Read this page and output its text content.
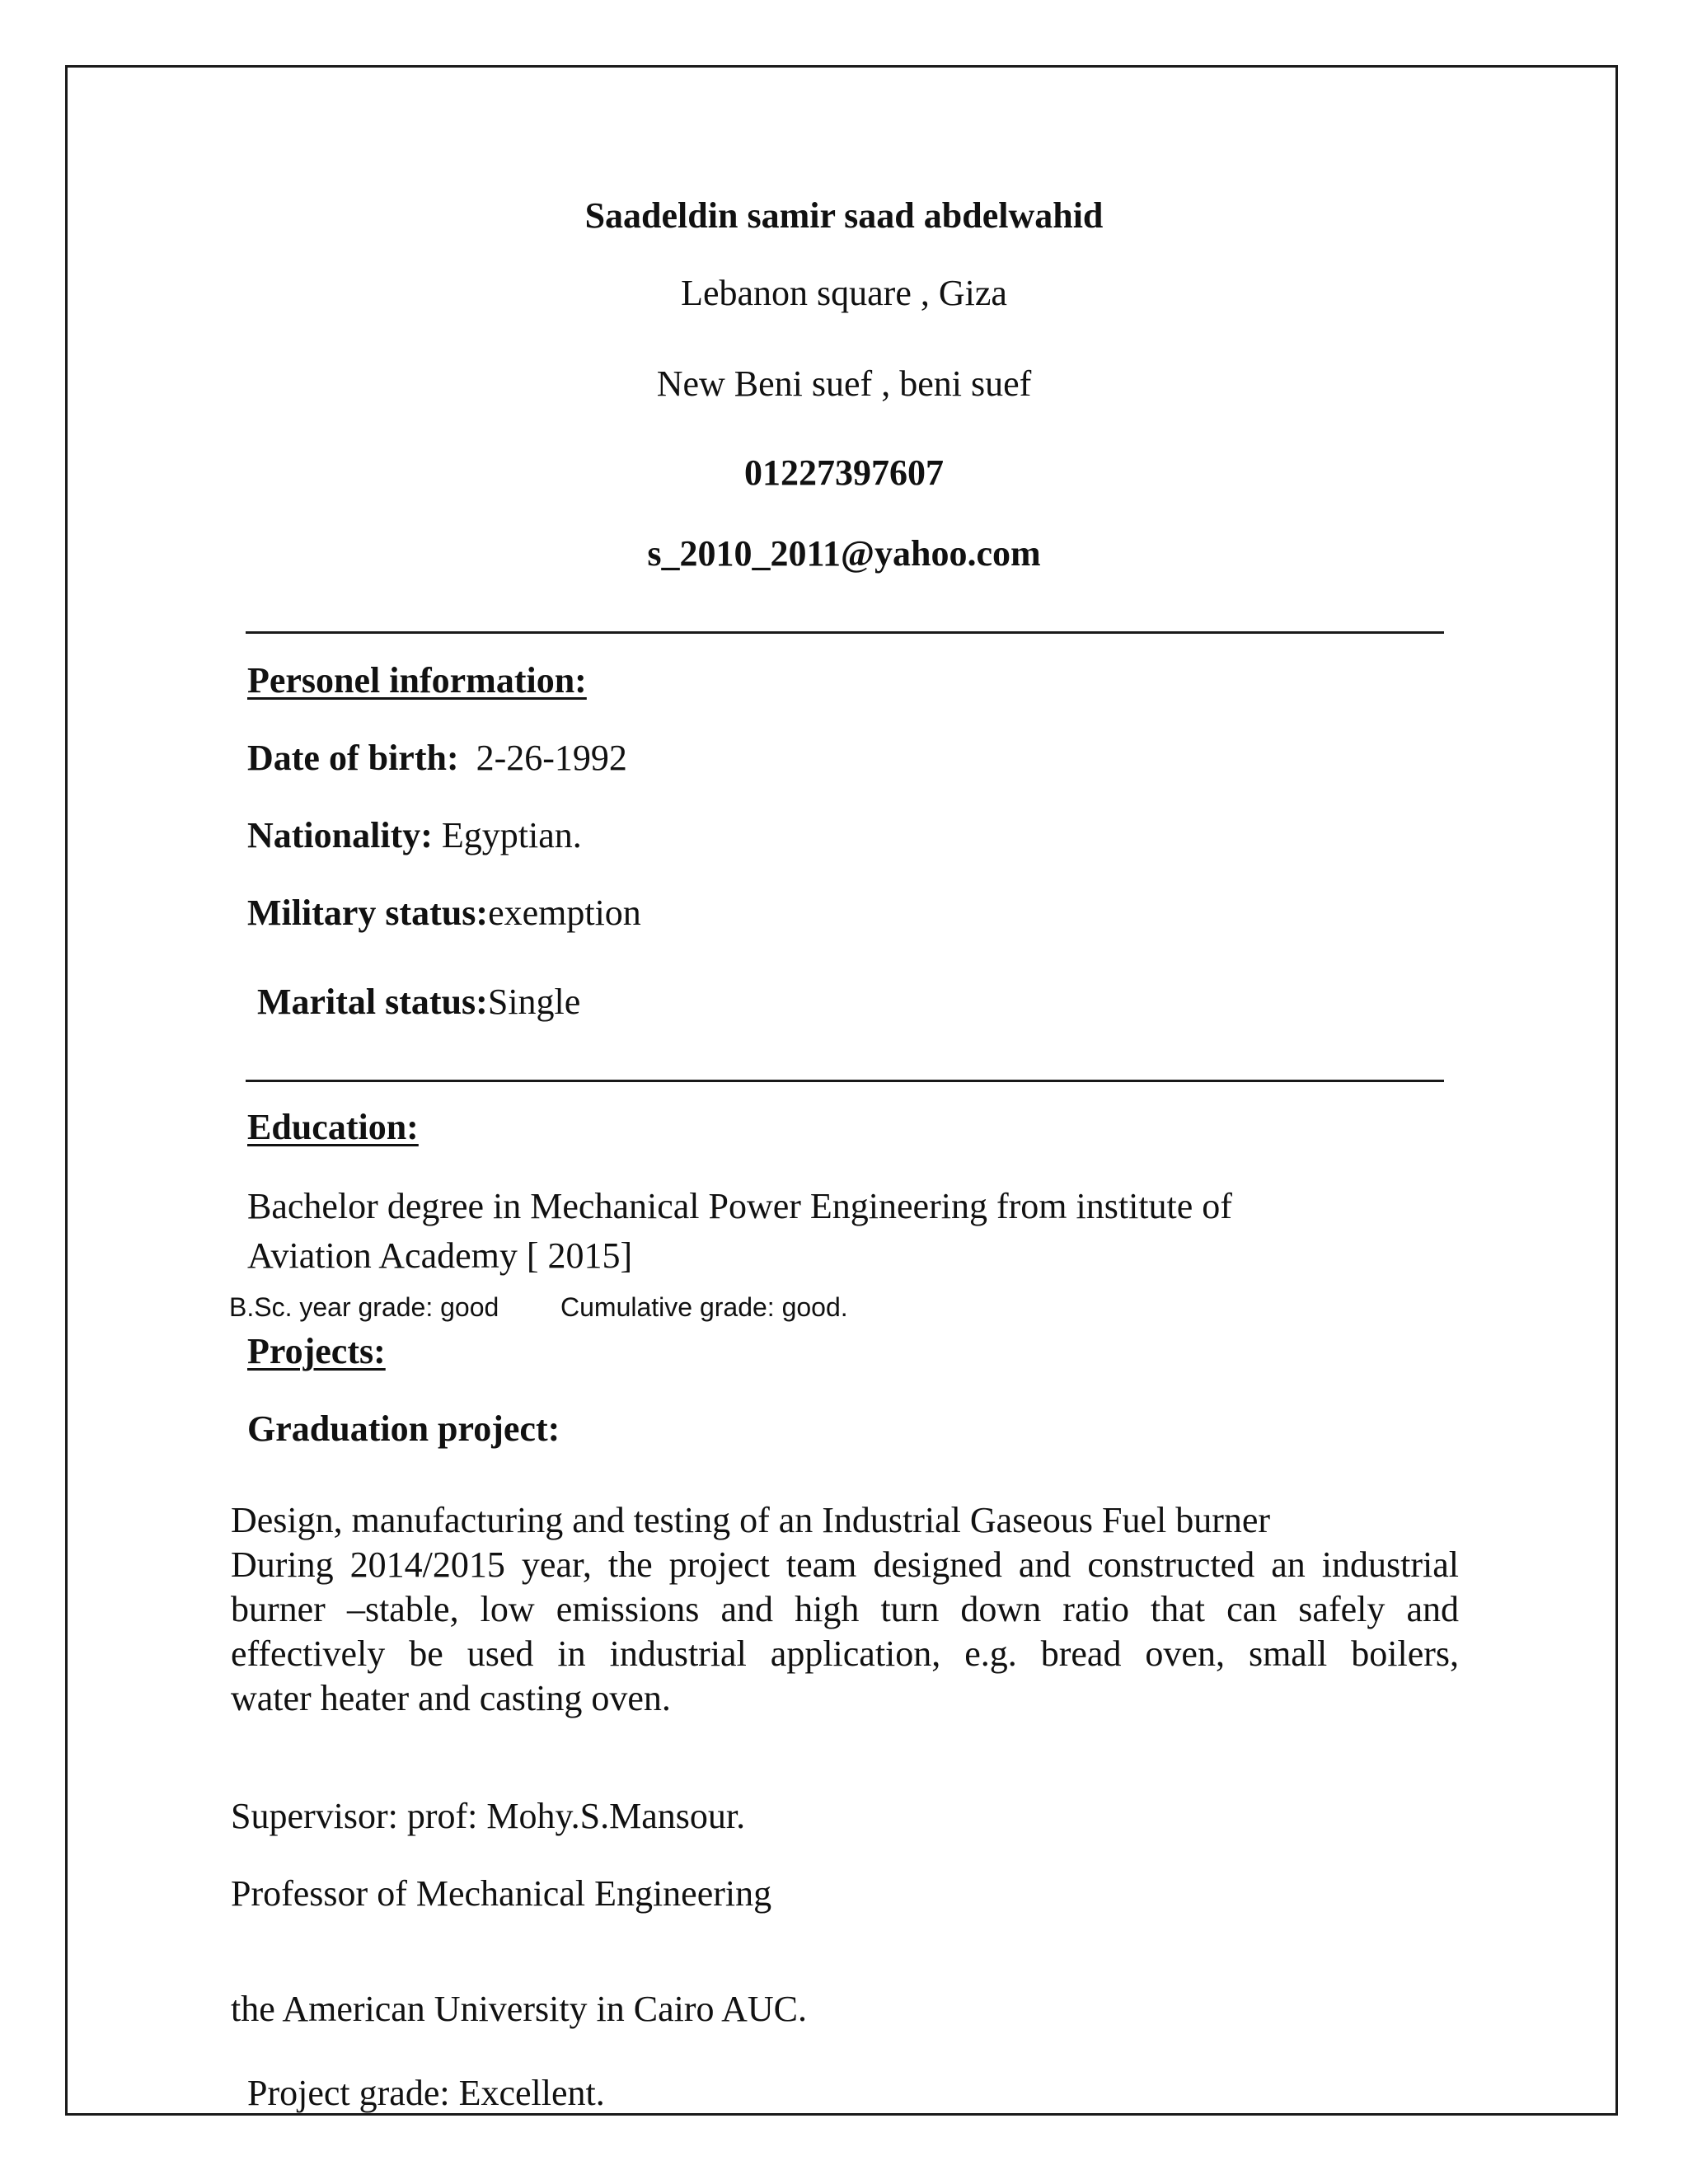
Saadeldin samir saad abdelwahid
Lebanon square , Giza
New Beni suef , beni suef
01227397607
s_2010_2011@yahoo.com
Personel information:
Date of birth: 2-26-1992
Nationality: Egyptian.
Military status:exemption
Marital status:Single
Education:
Bachelor degree in Mechanical Power Engineering from institute of
Aviation Academy [ 2015]
B.Sc. year grade: good Cumulative grade: good.
Projects:
Graduation project:
Design, manufacturing and testing of an Industrial Gaseous Fuel burner
During 2014/2015 year, the project team designed and constructed an industrial
burner –stable, low emissions and high turn down ratio that can safely and
effectively be used in industrial application, e.g. bread oven, small boilers,
water heater and casting oven.
Supervisor: prof: Mohy.S.Mansour.
Professor of Mechanical Engineering
the American University in Cairo AUC.
Project grade: Excellent.
